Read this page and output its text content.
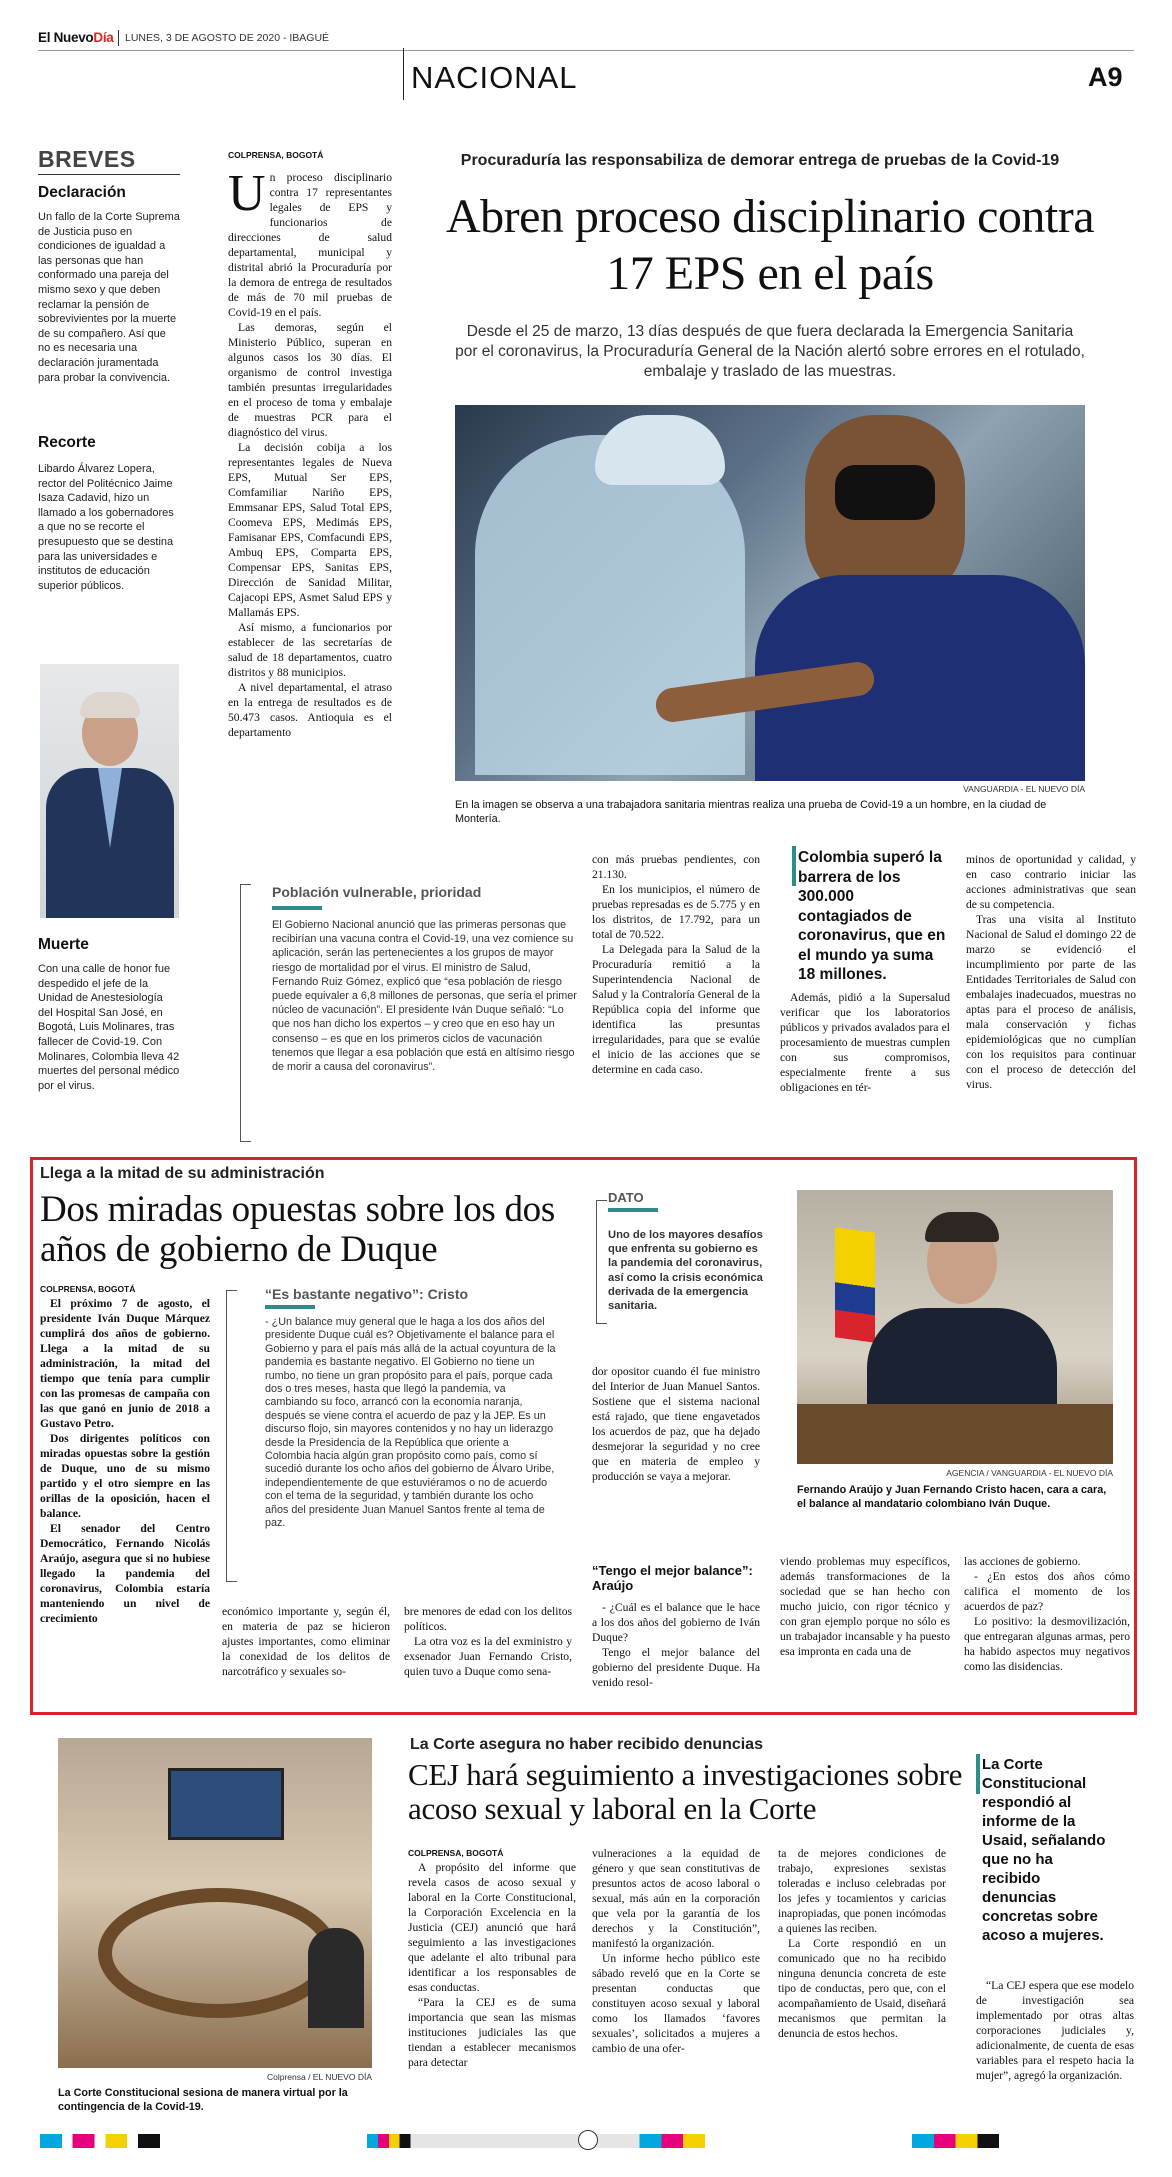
El NuevoDía LUNES, 3 DE AGOSTO DE 2020 - IBAGUÉ
NACIONAL	A9
BREVES
Declaración
Un fallo de la Corte Suprema de Justicia puso en condiciones de igualdad a las personas que han conformado una pareja del mismo sexo y que deben reclamar la pensión de sobrevivientes por la muerte de su compañero. Así que no es necesaria una declaración juramentada para probar la convivencia.
Recorte
Libardo Álvarez Lopera, rector del Politécnico Jaime Isaza Cadavid, hizo un llamado a los gobernadores a que no se recorte el presupuesto que se destina para las universidades e institutos de educación superior públicos.
Muerte
Con una calle de honor fue despedido el jefe de la Unidad de Anestesiología del Hospital San José, en Bogotá, Luis Molinares, tras fallecer de Covid-19. Con Molinares, Colombia lleva 42 muertes del personal médico por el virus.
COLPRENSA, BOGOTÁ	Procuraduría las responsabiliza de demorar entrega de pruebas de la Covid-19
Abren proceso disciplinario contra 17 EPS en el país
Desde el 25 de marzo, 13 días después de que fuera declarada la Emergencia Sanitaria por el coronavirus, la Procuraduría General de la Nación alertó sobre errores en el rotulado, embalaje y traslado de las muestras.
VANGUARDIA - EL NUEVO DÍA
En la imagen se observa a una trabajadora sanitaria mientras realiza una prueba de Covid-19 a un hombre, en la ciudad de Montería.
U n proceso disciplinario contra 17 representantes legales de EPS y funcionarios de direcciones de salud departamental, municipal y distrital abrió la Procuraduría por la demora de entrega de resultados de más de 70 mil pruebas de Covid-19 en el país.

Las demoras, según el Ministerio Público, superan en algunos casos los 30 días. El organismo de control investiga también presuntas irregularidades en el proceso de toma y embalaje de muestras PCR para el diagnóstico del virus.

La decisión cobija a los representantes legales de Nueva EPS, Mutual Ser EPS, Comfamiliar Nariño EPS, Emmsanar EPS, Salud Total EPS, Coomeva EPS, Medimás EPS, Famisanar EPS, Comfacundi EPS, Ambuq EPS, Comparta EPS, Compensar EPS, Sanitas EPS, Dirección de Sanidad Militar, Cajacopi EPS, Asmet Salud EPS y Mallamás EPS.

Así mismo, a funcionarios por establecer de las secretarías de salud de 18 departamentos, cuatro distritos y 88 municipios.

A nivel departamental, el atraso en la entrega de resultados es de 50.473 casos. Antioquia es el departamento

Población vulnerable, prioridad
El Gobierno Nacional anunció que las primeras personas que recibirían una vacuna contra el Covid-19, una vez comience su aplicación, serán las pertenecientes a los grupos de mayor riesgo de mortalidad por el virus. El ministro de Salud, Fernando Ruiz Gómez, explicó que “esa población de riesgo puede equivaler a 6,8 millones de personas, que sería el primer núcleo de vacunación”. El presidente Iván Duque señaló: “Lo que nos han dicho los expertos – y creo que en eso hay un consenso – es que en los primeros ciclos de vacunación tenemos que llegar a esa población que está en altísimo riesgo de morir a causa del coronavirus”.

con más pruebas pendientes, con 21.130.

En los municipios, el número de pruebas represadas es de 5.775 y en los distritos, de 17.792, para un total de 70.522.

La Delegada para la Salud de la Procuraduría remitió a la Superintendencia Nacional de Salud y la Contraloría General de la República copia del informe que identifica las presuntas irregularidades, para que se evalúe el inicio de las acciones que se determine en cada caso.

Colombia superó la barrera de los 300.000 contagiados de coronavirus, que en el mundo ya suma 18 millones.

Además, pidió a la Supersalud verificar que los laboratorios públicos y privados avalados para el procesamiento de muestras cumplen con sus compromisos, especialmente frente a sus obligaciones en tér-

minos de oportunidad y calidad, y en caso contrario iniciar las acciones administrativas que sean de su competencia.

Tras una visita al Instituto Nacional de Salud el domingo 22 de marzo se evidenció el incumplimiento por parte de las Entidades Territoriales de Salud con embalajes inadecuados, muestras no aptas para el proceso de análisis, mala conservación y fichas epidemiológicas que no cumplían con los requisitos para continuar con el proceso de detección del virus.

Llega a la mitad de su administración
Dos miradas opuestas sobre los dos años de gobierno de Duque
COLPRENSA, BOGOTÁ

El próximo 7 de agosto, el presidente Iván Duque Márquez cumplirá dos años de gobierno. Llega a la mitad de su administración, la mitad del tiempo que tenía para cumplir con las promesas de campaña con las que ganó en junio de 2018 a Gustavo Petro.

Dos dirigentes políticos con miradas opuestas sobre la gestión de Duque, uno de su mismo partido y el otro siempre en las orillas de la oposición, hacen el balance.

El senador del Centro Democrático, Fernando Nicolás Araújo, asegura que si no hubiese llegado la pandemia del coronavirus, Colombia estaría manteniendo un nivel de crecimiento

“Es bastante negativo”: Cristo
- ¿Un balance muy general que le haga a los dos años del presidente Duque cuál es? Objetivamente el balance para el Gobierno y para el país más allá de la actual coyuntura de la pandemia es bastante negativo. El Gobierno no tiene un rumbo, no tiene un gran propósito para el país, porque cada dos o tres meses, hasta que llegó la pandemia, va cambiando su foco, arrancó con la economía naranja, después se viene contra el acuerdo de paz y la JEP. Es un discurso flojo, sin mayores contenidos y no hay un liderazgo desde la Presidencia de la República que oriente a Colombia hacia algún gran propósito como país, como sí sucedió durante los ocho años del gobierno de Álvaro Uribe, independientemente de que estuviéramos o no de acuerdo con el tema de la seguridad, y también durante los ocho años del presidente Juan Manuel Santos frente al tema de paz.

económico importante y, según él, en materia de paz se hicieron ajustes importantes, como eliminar la conexidad de los delitos de narcotráfico y sexuales so-

bre menores de edad con los delitos políticos.

La otra voz es la del exministro y exsenador Juan Fernando Cristo, quien tuvo a Duque como sena-

dor opositor cuando él fue ministro del Interior de Juan Manuel Santos. Sostiene que el sistema nacional está rajado, que tiene engavetados los acuerdos de paz, que ha dejado desmejorar la seguridad y no cree que en materia de empleo y producción se vaya a mejorar.

“Tengo el mejor balance”: Araújo

- ¿Cuál es el balance que le hace a los dos años del gobierno de Iván Duque?

Tengo el mejor balance del gobierno del presidente Duque. Ha venido resol-

DATO
Uno de los mayores desafíos que enfrenta su gobierno es la pandemia del coronavirus, así como la crisis económica derivada de la emergencia sanitaria.
AGENCIA / VANGUARDIA - EL NUEVO DÍA
Fernando Araújo y Juan Fernando Cristo hacen, cara a cara, el balance al mandatario colombiano Iván Duque.

viendo problemas muy específicos, además transformaciones de la sociedad que se han hecho con mucho juicio, con rigor técnico y con gran ejemplo porque no sólo es un trabajador incansable y ha puesto esa impronta en cada una de

las acciones de gobierno.

- ¿En estos dos años cómo califica el momento de los acuerdos de paz?

Lo positivo: la desmovilización, que entregaran algunas armas, pero ha habido aspectos muy negativos como las disidencias.

Colprensa / EL NUEVO DÍA
La Corte Constitucional sesiona de manera virtual por la contingencia de la Covid-19.
La Corte asegura no haber recibido denuncias
CEJ hará seguimiento a investigaciones sobre acoso sexual y laboral en la Corte
COLPRENSA, BOGOTÁ

A propósito del informe que revela casos de acoso sexual y laboral en la Corte Constitucional, la Corporación Excelencia en la Justicia (CEJ) anunció que hará seguimiento a las investigaciones que adelante el alto tribunal para identificar a los responsables de esas conductas.

“Para la CEJ es de suma importancia que sean las mismas instituciones judiciales las que tiendan a establecer mecanismos para detectar

vulneraciones a la equidad de género y que sean constitutivas de presuntos actos de acoso laboral o sexual, más aún en la corporación que vela por la garantía de los derechos y la Constitución”, manifestó la organización.

Un informe hecho público este sábado reveló que en la Corte se presentan conductas que constituyen acoso sexual y laboral como los llamados ‘favores sexuales’, solicitados a mujeres a cambio de una ofer-

ta de mejores condiciones de trabajo, expresiones sexistas toleradas e incluso celebradas por los jefes y tocamientos y caricias inapropiadas, que ponen incómodas a quienes las reciben.

La Corte respondió en un comunicado que no ha recibido ninguna denuncia concreta de este tipo de conductas, pero que, con el acompañamiento de Usaid, diseñará mecanismos que permitan la denuncia de estos hechos.

La Corte Constitucional respondió al informe de la Usaid, señalando que no ha recibido denuncias concretas sobre acoso a mujeres.

“La CEJ espera que ese modelo de investigación sea implementado por otras altas corporaciones judiciales y, adicionalmente, de cuenta de esas variables para el respeto hacia la mujer”, agregó la organización.
